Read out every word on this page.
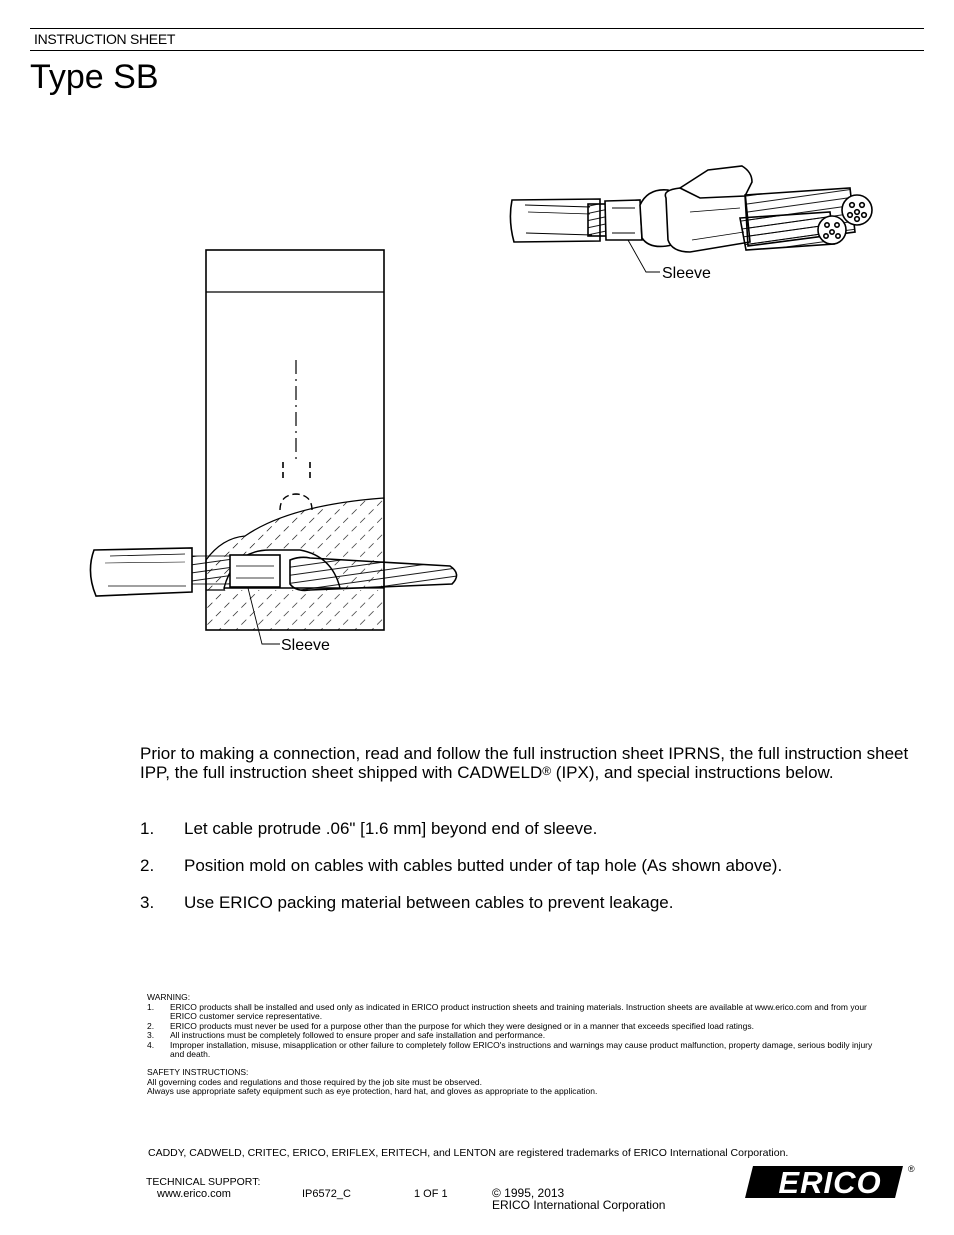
INSTRUCTION SHEET
Type SB
Sleeve
Sleeve
Prior to making a connection, read and follow the full instruction sheet IPRNS, the full instruction sheet IPP, the full instruction sheet shipped with CADWELD® (IPX), and special instructions below.
1. Let cable protrude .06" [1.6 mm] beyond end of sleeve.
2. Position mold on cables with cables butted under of tap hole (As shown above).
3. Use ERICO packing material between cables to prevent leakage.
WARNING:
1. ERICO products shall be installed and used only as indicated in ERICO product instruction sheets and training materials. Instruction sheets are available at www.erico.com and from your ERICO customer service representative.
2. ERICO products must never be used for a purpose other than the purpose for which they were designed or in a manner that exceeds specified load ratings.
3. All instructions must be completely followed to ensure proper and safe installation and performance.
4. Improper installation, misuse, misapplication or other failure to completely follow ERICO's instructions and warnings may cause product malfunction, property damage, serious bodily injury and death.
SAFETY INSTRUCTIONS:
All governing codes and regulations and those required by the job site must be observed.
Always use appropriate safety equipment such as eye protection, hard hat, and gloves as appropriate to the application.
CADDY, CADWELD, CRITEC, ERICO, ERIFLEX, ERITECH, and LENTON are registered trademarks of ERICO International Corporation.
TECHNICAL SUPPORT:
www.erico.com	IP6572_C	1 OF 1	© 1995, 2013
ERICO International Corporation
ERICO	®
